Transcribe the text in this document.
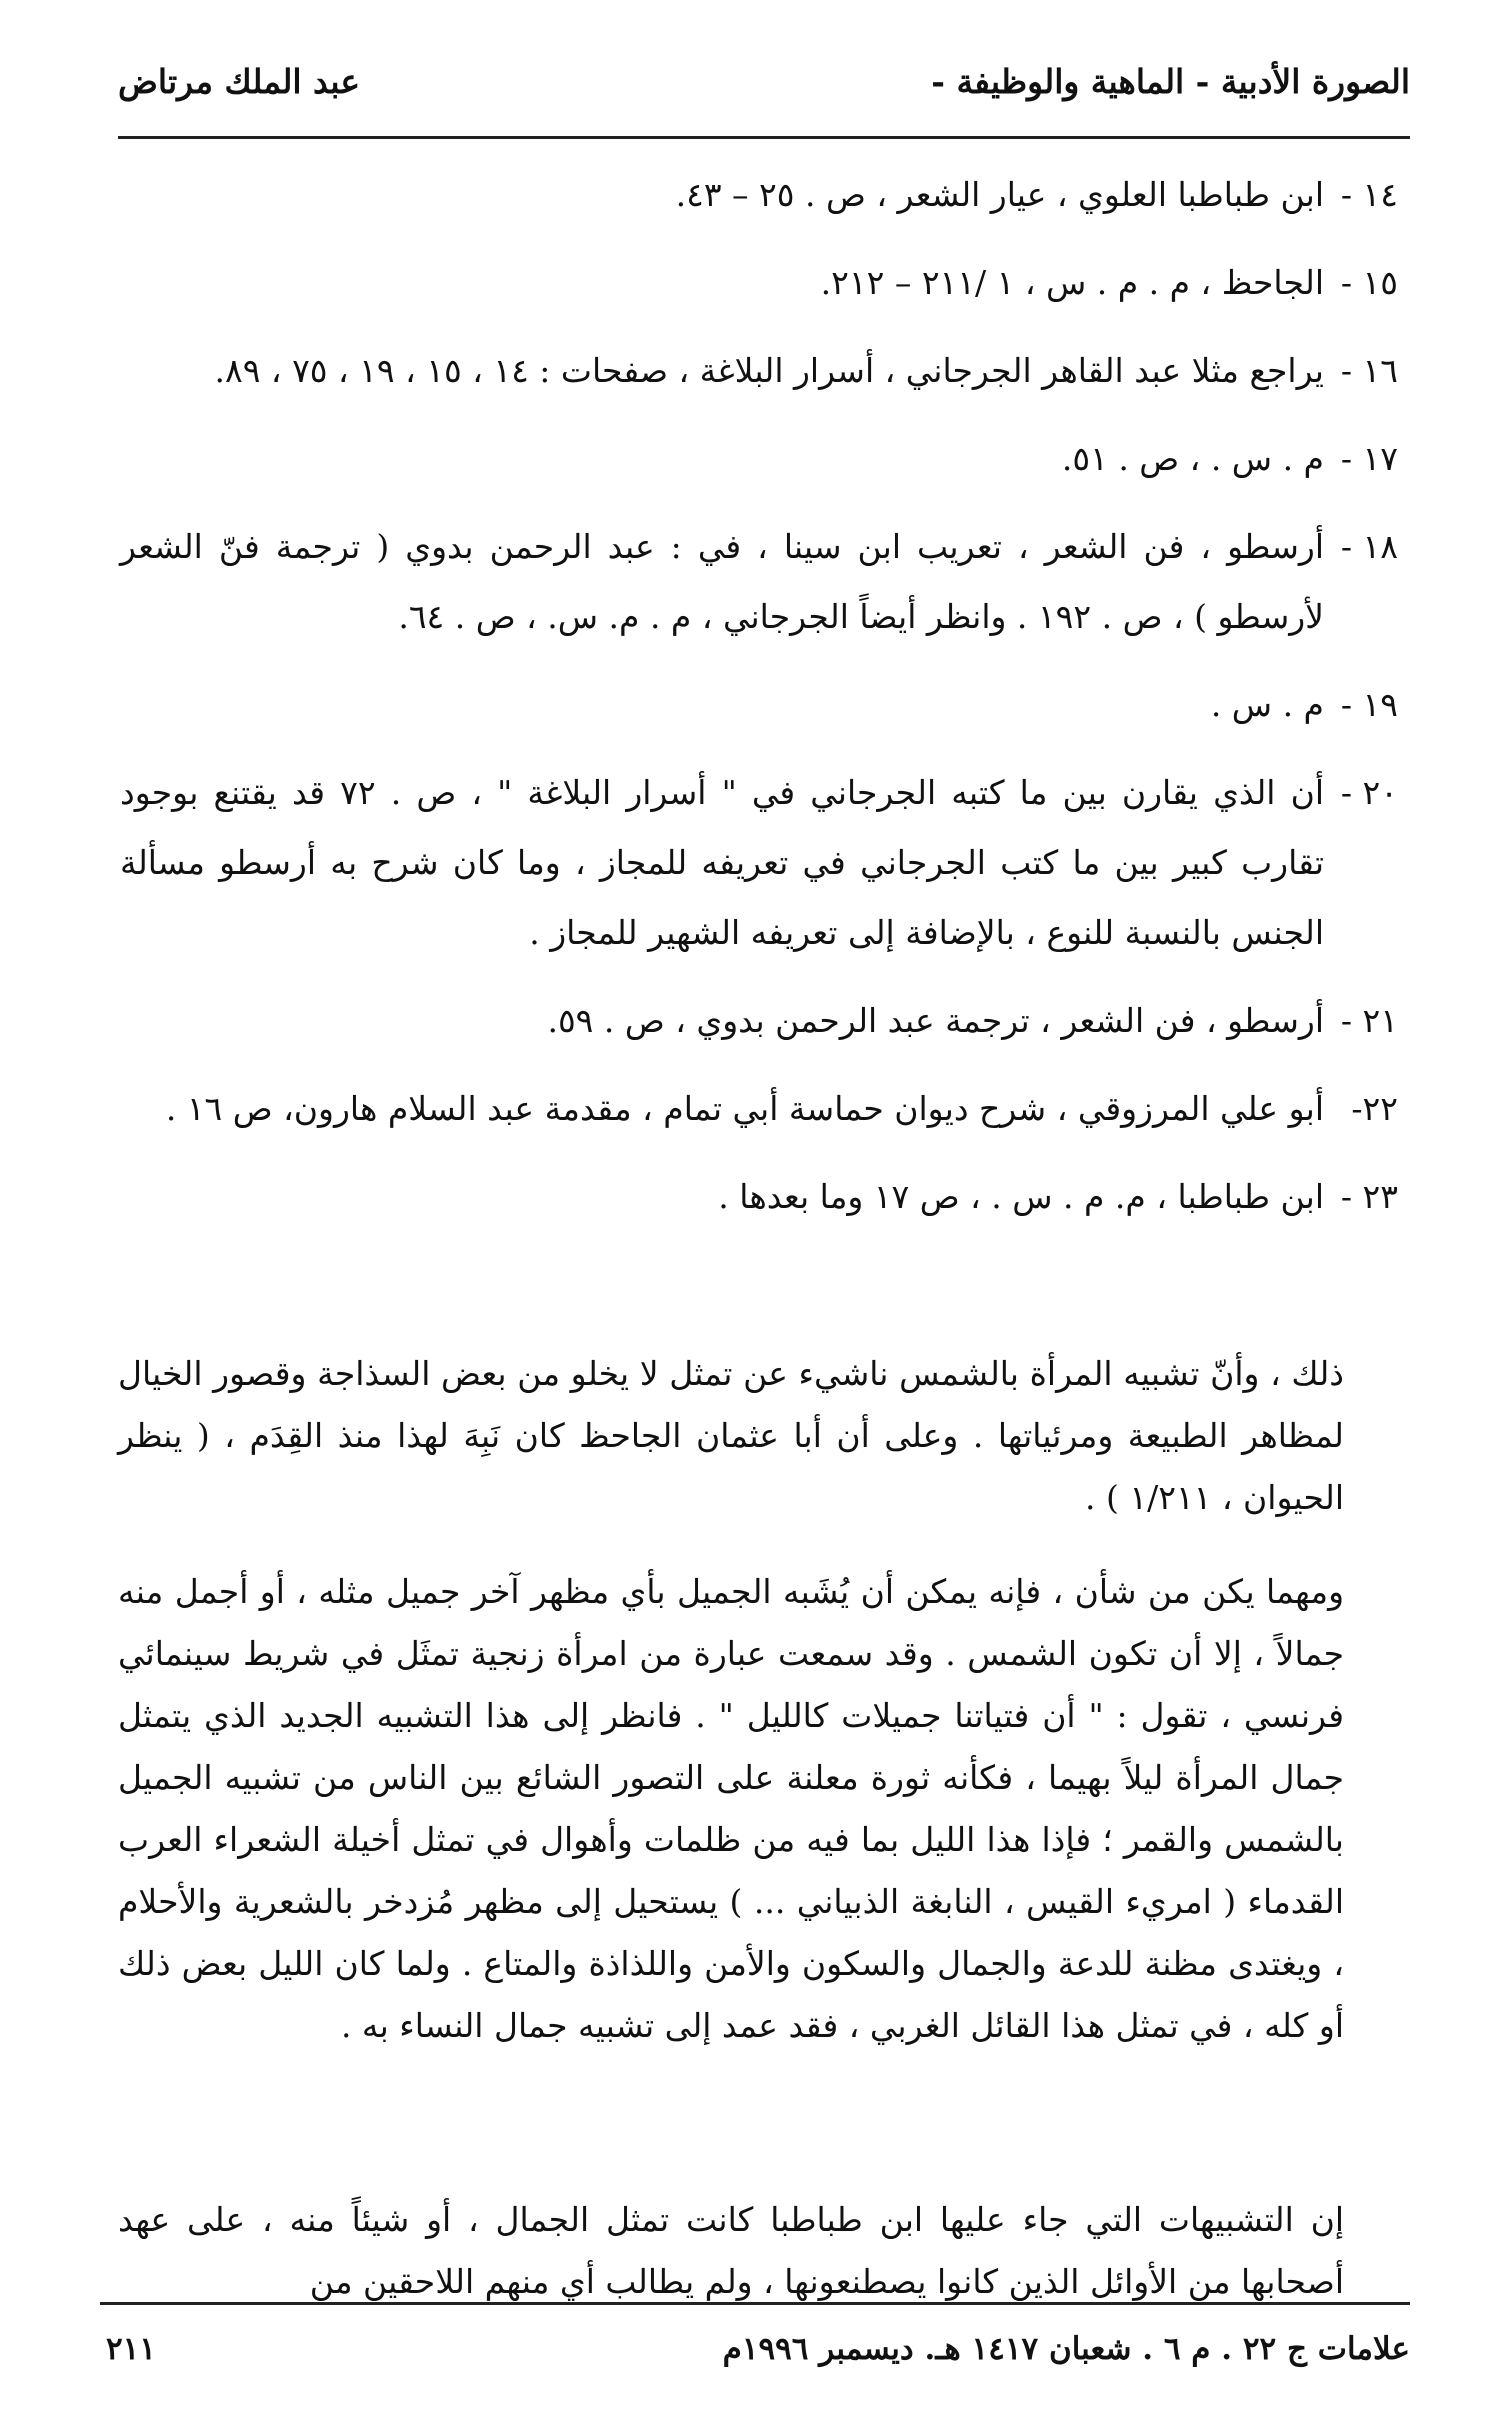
الصورة الأدبية - الماهية والوظيفة -
عبد الملك مرتاض
١٤ -
ابن طباطبا العلوي ، عيار الشعر ، ص . ٢٥ – ٤٣.
١٥ -
الجاحظ ، م . م . س ، ١ /٢١١ – ٢١٢.
١٦ -
يراجع مثلا عبد القاهر الجرجاني ، أسرار البلاغة ، صفحات : ١٤ ، ١٥ ، ١٩ ، ٧٥ ، ٨٩.
١٧ -
م . س . ، ص . ٥١.
١٨ -
أرسطو ، فن الشعر ، تعريب ابن سينا ، في : عبد الرحمن بدوي ( ترجمة فنّ الشعر لأرسطو ) ، ص . ١٩٢ . وانظر أيضاً الجرجاني ، م . م. س. ، ص . ٦٤.
١٩ -
م . س .
٢٠ -
أن الذي يقارن بين ما كتبه الجرجاني في " أسرار البلاغة " ، ص . ٧٢ قد يقتنع بوجود تقارب كبير بين ما كتب الجرجاني في تعريفه للمجاز ، وما كان شرح به أرسطو مسألة الجنس بالنسبة للنوع ، بالإضافة إلى تعريفه الشهير للمجاز .
٢١ -
أرسطو ، فن الشعر ، ترجمة عبد الرحمن بدوي ، ص . ٥٩.
٢٢-
أبو علي المرزوقي ، شرح ديوان حماسة أبي تمام ، مقدمة عبد السلام هارون، ص ١٦ .
٢٣ -
ابن طباطبا ، م. م . س . ، ص ١٧ وما بعدها .

ذلك ، وأنّ تشبيه المرأة بالشمس ناشيء عن تمثل لا يخلو من بعض السذاجة وقصور الخيال لمظاهر الطبيعة ومرئياتها . وعلى أن أبا عثمان الجاحظ كان نَبِهَ لهذا منذ القِدَم ، ( ينظر الحيوان ، ١/٢١١ ) .

ومهما يكن من شأن ، فإنه يمكن أن يُشَبه الجميل بأي مظهر آخر جميل مثله ، أو أجمل منه جمالاً ، إلا أن تكون الشمس . وقد سمعت عبارة من امرأة زنجية تمثَل في شريط سينمائي فرنسي ، تقول : " أن فتياتنا جميلات كالليل " . فانظر إلى هذا التشبيه الجديد الذي يتمثل جمال المرأة ليلاً بهيما ، فكأنه ثورة معلنة على التصور الشائع بين الناس من تشبيه الجميل بالشمس والقمر ؛ فإذا هذا الليل بما فيه من ظلمات وأهوال في تمثل أخيلة الشعراء العرب القدماء ( امريء القيس ، النابغة الذبياني ... ) يستحيل إلى مظهر مُزدخر بالشعرية والأحلام ، ويغتدى مظنة للدعة والجمال والسكون والأمن واللذاذة والمتاع . ولما كان الليل بعض ذلك أو كله ، في تمثل هذا القائل الغربي ، فقد عمد إلى تشبيه جمال النساء به .

إن التشبيهات التي جاء عليها ابن طباطبا كانت تمثل الجمال ، أو شيئاً منه ، على عهد أصحابها من الأوائل الذين كانوا يصطنعونها ، ولم يطالب أي منهم اللاحقين من

علامات ج ٢٢ . م ٦ . شعبان ١٤١٧ هـ. ديسمبر ١٩٩٦م
٢١١
